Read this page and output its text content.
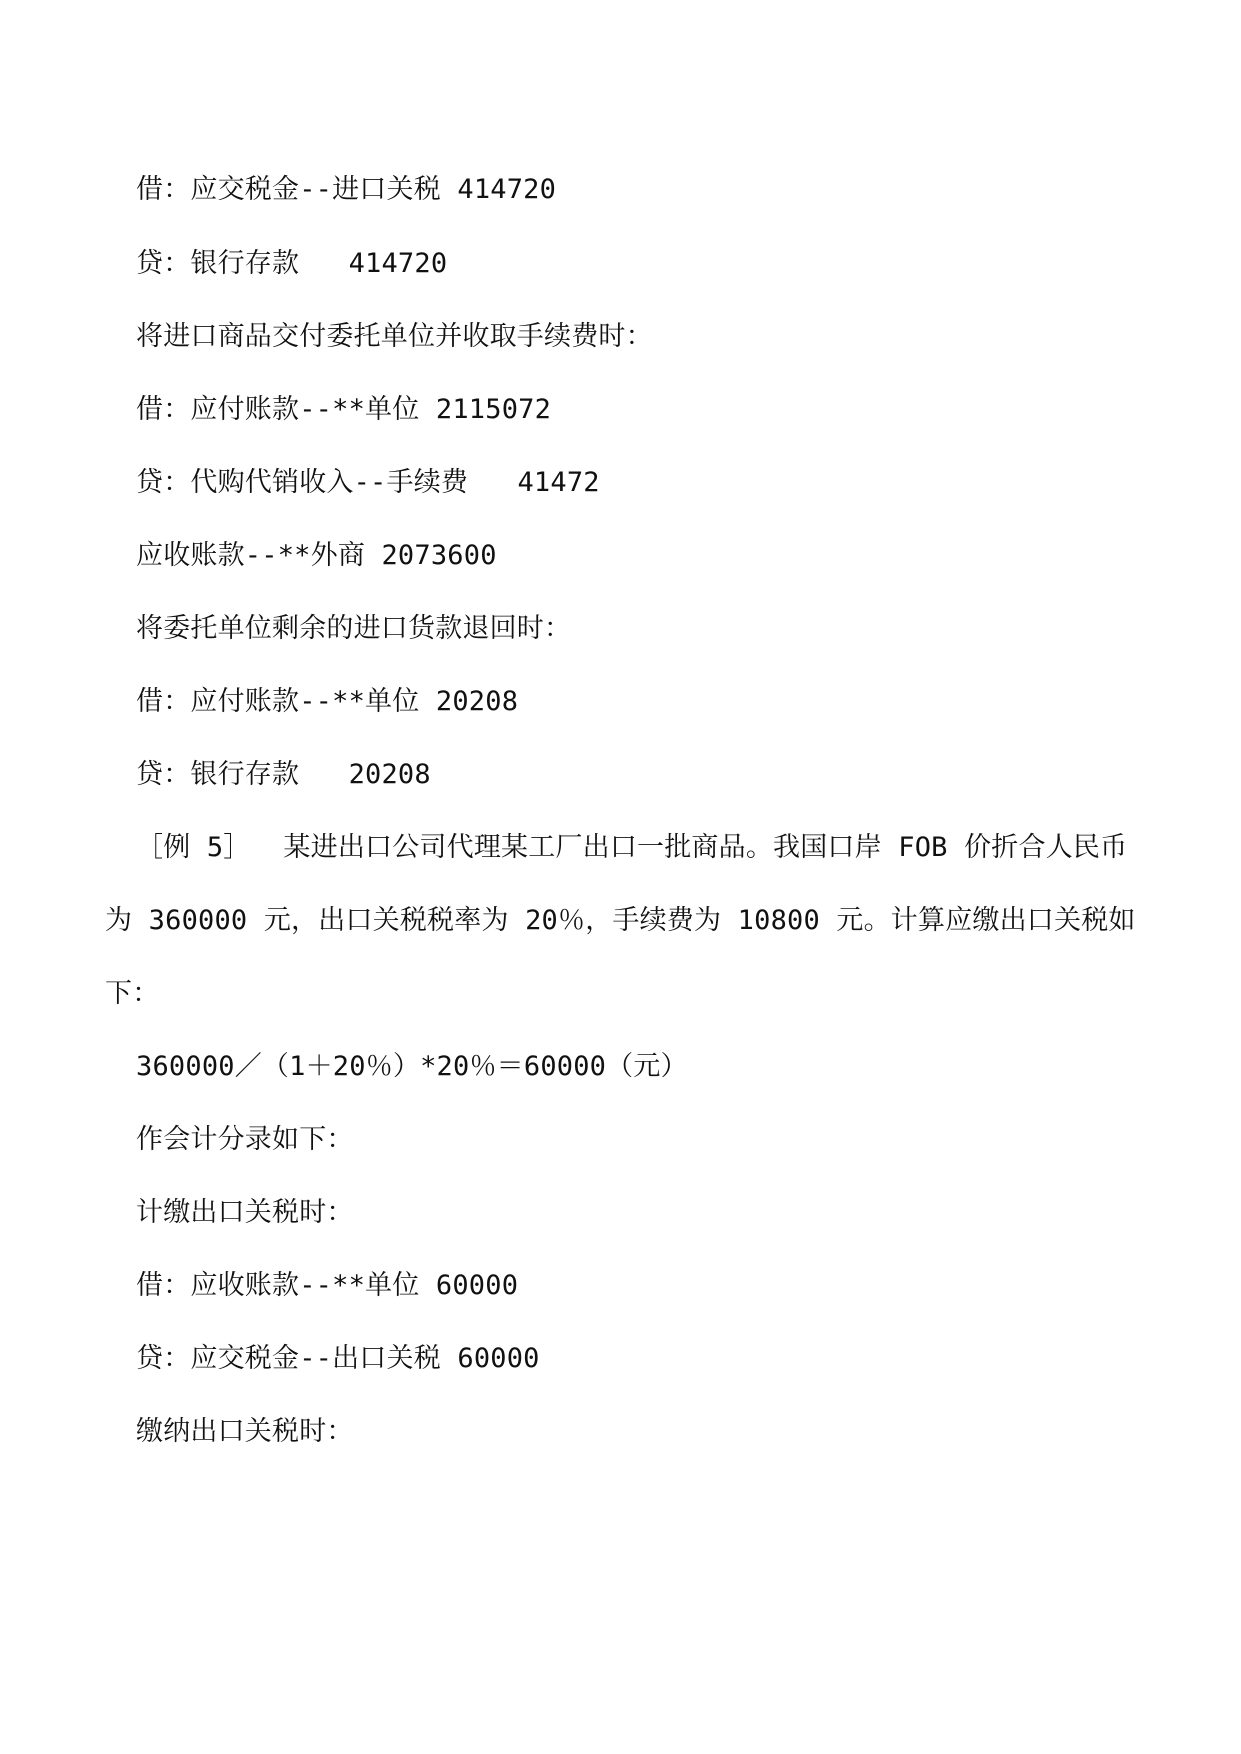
借：应交税金--进口关税 414720
贷：银行存款   414720
将进口商品交付委托单位并收取手续费时：
借：应付账款--**单位 2115072
贷：代购代销收入--手续费   41472
应收账款--**外商 2073600
将委托单位剩余的进口货款退回时：
借：应付账款--**单位 20208
贷：银行存款   20208
［例 5］  某进出口公司代理某工厂出口一批商品。我国口岸 FOB 价折合人民币
为 360000 元，出口关税税率为 20％，手续费为 10800 元。计算应缴出口关税如
下：
360000／（1＋20％）*20％＝60000（元）
作会计分录如下：
计缴出口关税时：
借：应收账款--**单位 60000
贷：应交税金--出口关税 60000
缴纳出口关税时：
